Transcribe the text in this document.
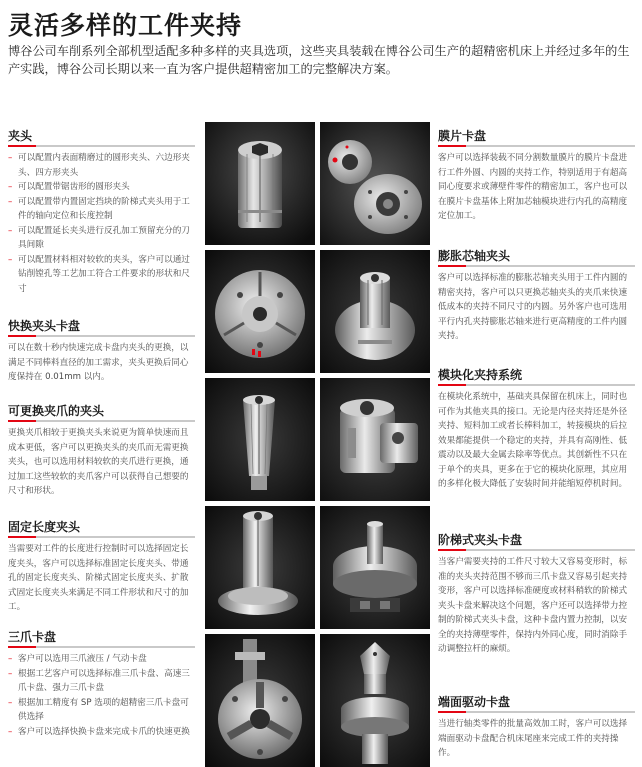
灵活多样的工件夹持
博谷公司车削系列全部机型适配多种多样的夹具选项，这些夹具装载在博谷公司生产的超精密机床上并经过多年的生产实践，博谷公司长期以来一直为客户提供超精密加工的完整解决方案。
夹头
– 可以配置内表面精磨过的圆形夹头、六边形夹头、四方形夹头
– 可以配置带锯齿形的圆形夹头
– 可以配置带内置固定挡块的阶梯式夹头用于工件的轴向定位和长度控制
– 可以配置延长夹头进行反孔加工预留充分的刀具间隙
– 可以配置材料相对较软的夹头，客户可以通过钻削镗孔等工艺加工符合工件要求的形状和尺寸
快换夹头卡盘
可以在数十秒内快速完成卡盘内夹头的更换，以满足不同棒料直径的加工需求，夹头更换后同心度保持在 0.01mm 以内。
可更换夹爪的夹头
更换夹爪相较于更换夹头来说更为简单快速而且成本更低，客户可以更换夹头的夹爪而无需更换夹头，也可以选用材料较软的夹爪进行更换，通过加工这些较软的夹爪客户可以获得自己想要的尺寸和形状。
固定长度夹头
当需要对工件的长度进行控制时可以选择固定长度夹头，客户可以选择标准固定长度夹头、带通孔的固定长度夹头、阶梯式固定长度夹头、扩散式固定长度夹头来满足不同工件形状和尺寸的加工。
三爪卡盘
– 客户可以选用三爪液压 / 气动卡盘
– 根据工艺客户可以选择标准三爪卡盘、高速三爪卡盘、强力三爪卡盘
– 根据加工精度有 SP 选项的超精密三爪卡盘可供选择
– 客户可以选择快换卡盘来完成卡爪的快速更换
膜片卡盘
客户可以选择装载不同分割数量膜片的膜片卡盘进行工件外圆、内圆的夹持工作，特别适用于有超高同心度要求或薄壁件零件的精密加工，客户也可以在膜片卡盘基体上附加芯轴模块进行内孔的高精度定位加工。
膨胀芯轴夹头
客户可以选择标准的膨胀芯轴夹头用于工件内圆的精密夹持，客户可以只更换芯轴夹头的夹爪来快速低成本的夹持不同尺寸的内圆。另外客户也可选用平行内孔夹持膨胀芯轴来进行更高精度的工件内圆夹持。
模块化夹持系统
在模块化系统中，基础夹具保留在机床上，同时也可作为其他夹具的接口。无论是内径夹持还是外径夹持、短料加工或者长棒料加工，转接模块的后拉效果都能提供一个稳定的夹持，并具有高刚性、低震动以及最大金属去除率等优点。其创新性不只在于单个的夹具，更多在于它的模块化原理，其应用的多样化极大降低了安装时间并能缩短停机时间。
阶梯式夹头卡盘
当客户需要夹持的工件尺寸较大又容易变形时，标准的夹头夹持范围不够而三爪卡盘又容易引起夹持变形，客户可以选择标准硬度或材料稍软的阶梯式夹头卡盘来解决这个问题，客户还可以选择带力控制的阶梯式夹头卡盘，这种卡盘内置力控制，以安全的夹持薄壁零件，保持内外同心度，同时消除手动调整拉杆的麻烦。
端面驱动卡盘
当进行轴类零件的批量高效加工时，客户可以选择端面驱动卡盘配合机床尾座来完成工件的夹持操作。
